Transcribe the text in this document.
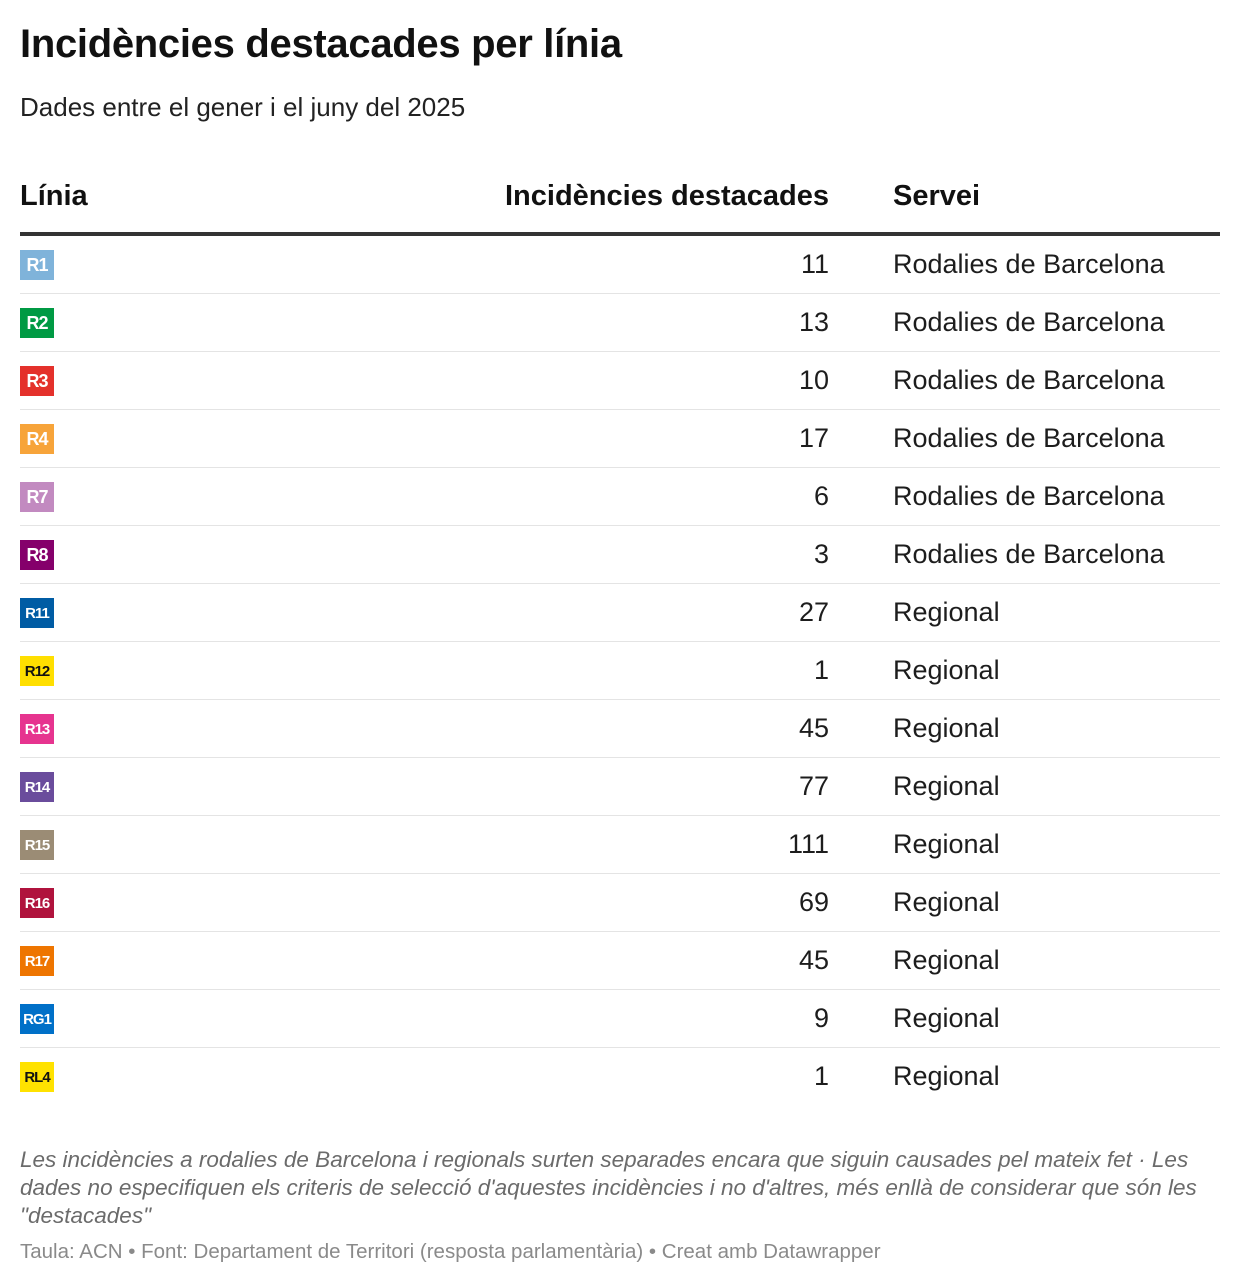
Incidències destacades per línia
Dades entre el gener i el juny del 2025
Línia	Incidències destacades Servei
R1	11 Rodalies de Barcelona
R2	13 Rodalies de Barcelona
R3	10 Rodalies de Barcelona
R4	17 Rodalies de Barcelona
R7	6 Rodalies de Barcelona
R8	3 Rodalies de Barcelona
R11	27 Regional
R12	1 Regional
R13	45 Regional
R14	77 Regional
R15	111 Regional
R16	69 Regional
R17	45 Regional
RG1	9 Regional
RL4	1 Regional
Les incidències a rodalies de Barcelona i regionals surten separades encara que siguin causades pel mateix fet · Les dades no especifiquen els criteris de selecció d'aquestes incidències i no d'altres, més enllà de considerar que són les "destacades"
Taula: ACN • Font: Departament de Territori (resposta parlamentària) • Creat amb Datawrapper
